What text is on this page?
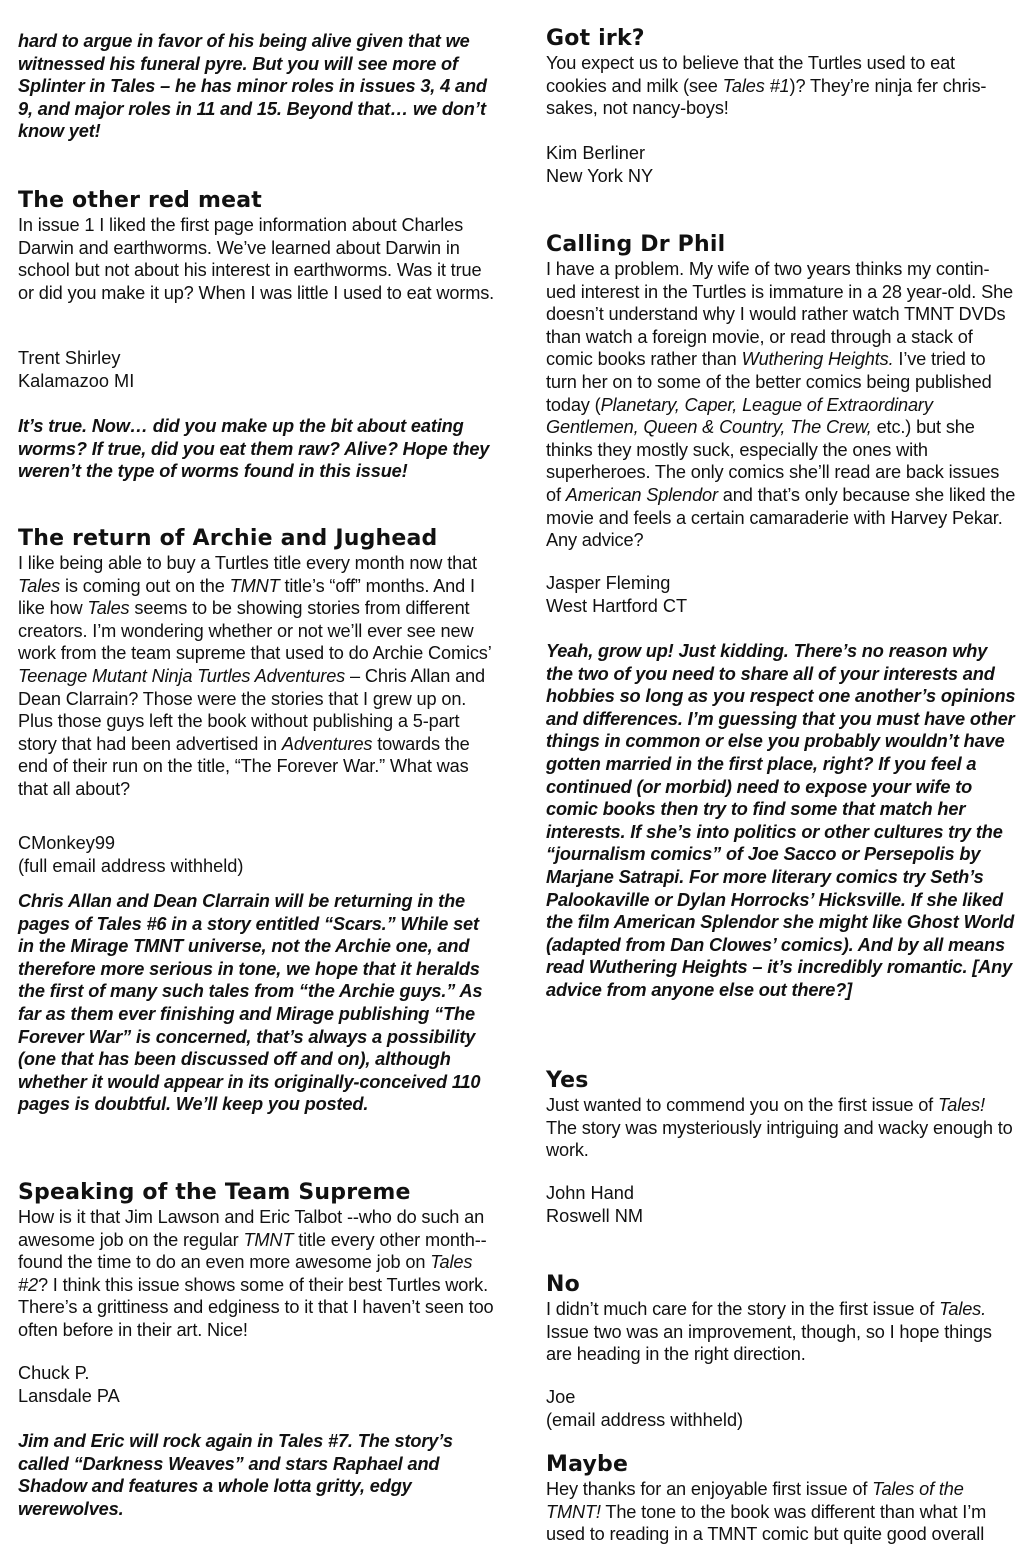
hard to argue in favor of his being alive given that we witnessed his funeral pyre. But you will see more of Splinter in Tales – he has minor roles in issues 3, 4 and 9, and major roles in 11 and 15. Beyond that… we don’t know yet!

The other red meat

In issue 1 I liked the first page information about Charles Darwin and earthworms. We’ve learned about Darwin in school but not about his interest in earthworms. Was it true or did you make it up? When I was little I used to eat worms.

Trent Shirley
Kalamazoo MI

It’s true. Now… did you make up the bit about eating worms? If true, did you eat them raw? Alive? Hope they weren’t the type of worms found in this issue!

The return of Archie and Jughead

I like being able to buy a Turtles title every month now that Tales is coming out on the TMNT title’s “off” months. And I like how Tales seems to be showing stories from different creators. I’m wondering whether or not we’ll ever see new work from the team supreme that used to do Archie Comics’ Teenage Mutant Ninja Turtles Adventures – Chris Allan and Dean Clarrain? Those were the stories that I grew up on. Plus those guys left the book without publishing a 5-part story that had been advertised in Adventures towards the end of their run on the title, “The Forever War.” What was that all about?

CMonkey99
(full email address withheld)

Chris Allan and Dean Clarrain will be returning in the pages of Tales #6 in a story entitled “Scars.” While set in the Mirage TMNT universe, not the Archie one, and therefore more serious in tone, we hope that it heralds the first of many such tales from “the Archie guys.” As far as them ever finishing and Mirage publishing “The Forever War” is concerned, that’s always a possibility (one that has been discussed off and on), although whether it would appear in its originally-conceived 110 pages is doubtful. We’ll keep you posted.

Speaking of the Team Supreme

How is it that Jim Lawson and Eric Talbot --who do such an awesome job on the regular TMNT title every other month-- found the time to do an even more awesome job on Tales #2? I think this issue shows some of their best Turtles work. There’s a grittiness and edginess to it that I haven’t seen too often before in their art. Nice!

Chuck P.
Lansdale PA

Jim and Eric will rock again in Tales #7. The story’s called “Darkness Weaves” and stars Raphael and Shadow and features a whole lotta gritty, edgy werewolves.

Got irk?

You expect us to believe that the Turtles used to eat cookies and milk (see Tales #1)? They’re ninja fer chris-sakes, not nancy-boys!

Kim Berliner
New York NY
Calling Dr Phil

I have a problem. My wife of two years thinks my contin-ued interest in the Turtles is immature in a 28 year-old. She doesn’t understand why I would rather watch TMNT DVDs than watch a foreign movie, or read through a stack of comic books rather than Wuthering Heights. I’ve tried to turn her on to some of the better comics being published today (Planetary, Caper, League of Extraordinary Gentlemen, Queen & Country, The Crew, etc.) but she thinks they mostly suck, especially the ones with superheroes. The only comics she’ll read are back issues of American Splendor and that’s only because she liked the movie and feels a certain camaraderie with Harvey Pekar. Any advice?

Jasper Fleming
West Hartford CT

Yeah, grow up! Just kidding. There’s no reason why the two of you need to share all of your interests and hobbies so long as you respect one another’s opinions and differences. I’m guessing that you must have other things in common or else you probably wouldn’t have gotten married in the first place, right? If you feel a continued (or morbid) need to expose your wife to comic books then try to find some that match her interests. If she’s into politics or other cultures try the “journalism comics” of Joe Sacco or Persepolis by Marjane Satrapi. For more literary comics try Seth’s Palookaville or Dylan Horrocks’ Hicksville. If she liked the film American Splendor she might like Ghost World (adapted from Dan Clowes’ comics). And by all means read Wuthering Heights – it’s incredibly romantic. [Any advice from anyone else out there?]

Yes

Just wanted to commend you on the first issue of Tales! The story was mysteriously intriguing and wacky enough to work.

John Hand
Roswell NM
No

I didn’t much care for the story in the first issue of Tales. Issue two was an improvement, though, so I hope things are heading in the right direction.

Joe
(email address withheld)
Maybe

Hey thanks for an enjoyable first issue of Tales of the TMNT! The tone to the book was different than what I’m used to reading in a TMNT comic but quite good overall
